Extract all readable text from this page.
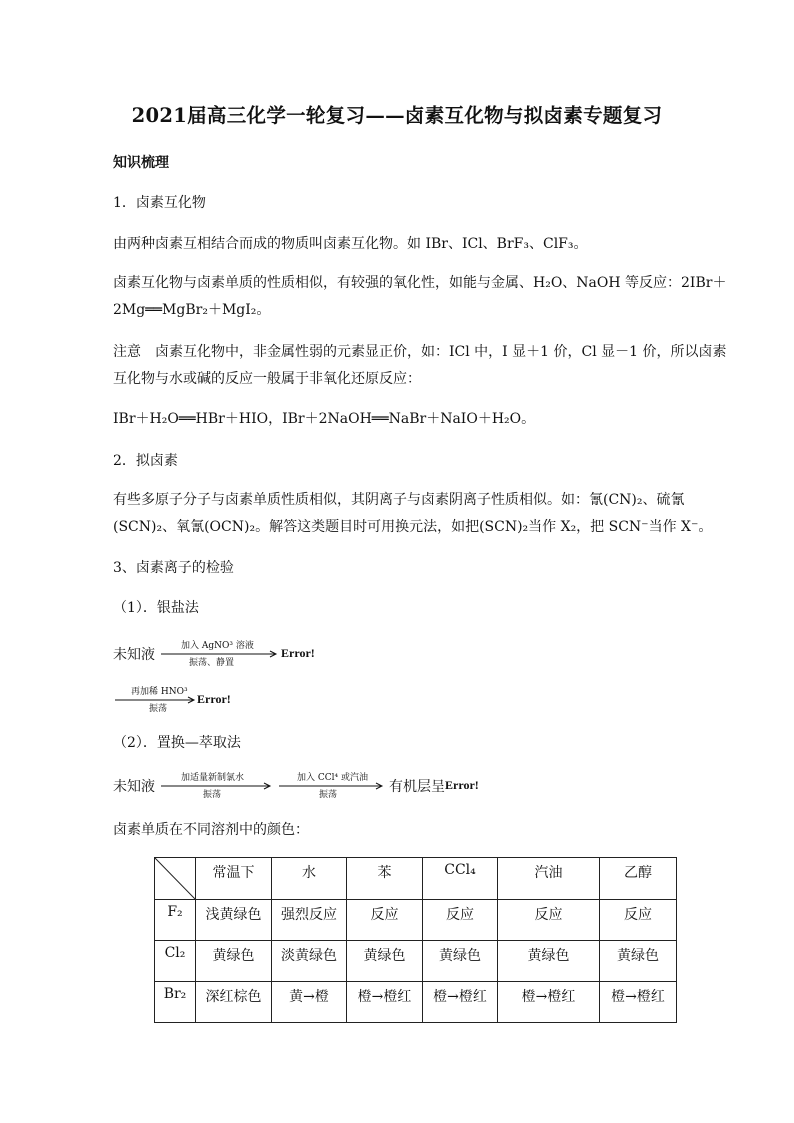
2021届高三化学一轮复习——卤素互化物与拟卤素专题复习
知识梳理
1．卤素互化物
由两种卤素互相结合而成的物质叫卤素互化物。如 IBr、ICl、BrF₃、ClF₃。
卤素互化物与卤素单质的性质相似，有较强的氧化性，如能与金属、H₂O、NaOH 等反应：2IBr＋
2Mg══MgBr₂＋MgI₂。
注意　卤素互化物中，非金属性弱的元素显正价，如：ICl 中，I 显＋1 价，Cl 显－1 价，所以卤素
互化物与水或碱的反应一般属于非氧化还原反应：
IBr＋H₂O══HBr＋HIO，IBr＋2NaOH══NaBr＋NaIO＋H₂O。
2．拟卤素
有些多原子分子与卤素单质性质相似，其阴离子与卤素阴离子性质相似。如：氰(CN)₂、硫氰
(SCN)₂、氧氰(OCN)₂。解答这类题目时可用换元法，如把(SCN)₂当作 X₂，把 SCN⁻当作 X⁻。
3、卤素离子的检验
（1）．银盐法
未知液
加入 AgNO³ 溶液
振荡、静置
Error!
再加稀 HNO³
振荡
Error!
（2）．置换—萃取法
未知液
加适量新制氯水
振荡
加入 CCl⁴ 或汽油
振荡	有机层呈 Error!
卤素单质在不同溶剂中的颜色：
	常温下	水	苯	CCl₄	汽油	乙醇
F₂	浅黄绿色	强烈反应	反应	反应	反应	反应
Cl₂	黄绿色	淡黄绿色	黄绿色	黄绿色	黄绿色	黄绿色
Br₂	深红棕色	黄→橙	橙→橙红	橙→橙红	橙→橙红	橙→橙红
